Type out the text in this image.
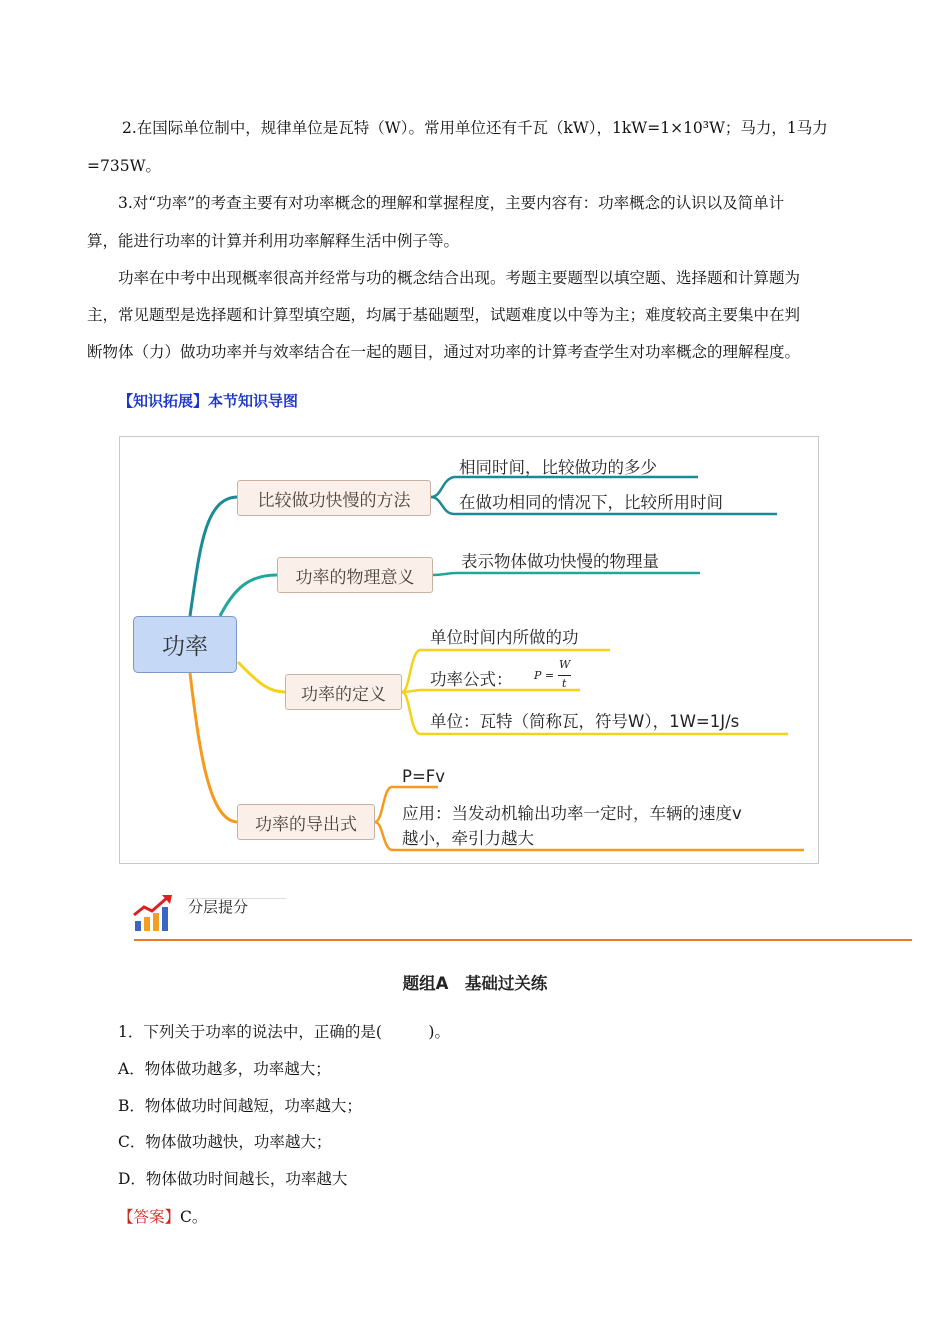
2.在国际单位制中，规律单位是瓦特（W）。常用单位还有千瓦（kW），1kW=1×10³W；马力，1马力

=735W。

3.对“功率”的考查主要有对功率概念的理解和掌握程度，主要内容有：功率概念的认识以及简单计

算，能进行功率的计算并利用功率解释生活中例子等。

功率在中考中出现概率很高并经常与功的概念结合出现。考题主要题型以填空题、选择题和计算题为

主，常见题型是选择题和计算型填空题，均属于基础题型，试题难度以中等为主；难度较高主要集中在判

断物体（力）做功功率并与效率结合在一起的题目，通过对功率的计算考查学生对功率概念的理解程度。

【知识拓展】本节知识导图
功率
比较做功快慢的方法
功率的物理意义
功率的定义
功率的导出式
相同时间，比较做功的多少
在做功相同的情况下，比较所用时间
表示物体做功快慢的物理量
单位时间内所做的功
功率公式： P =
W
t
单位：瓦特（简称瓦，符号W），1W=1J/s
P=Fv
应用：当发动机输出功率一定时，车辆的速度v
越小，牵引力越大
分层提分
题组A　基础过关练

1．下列关于功率的说法中，正确的是(　　　)。

A．物体做功越多，功率越大；

B．物体做功时间越短，功率越大；

C．物体做功越快，功率越大；

D．物体做功时间越长，功率越大

【答案】C。
